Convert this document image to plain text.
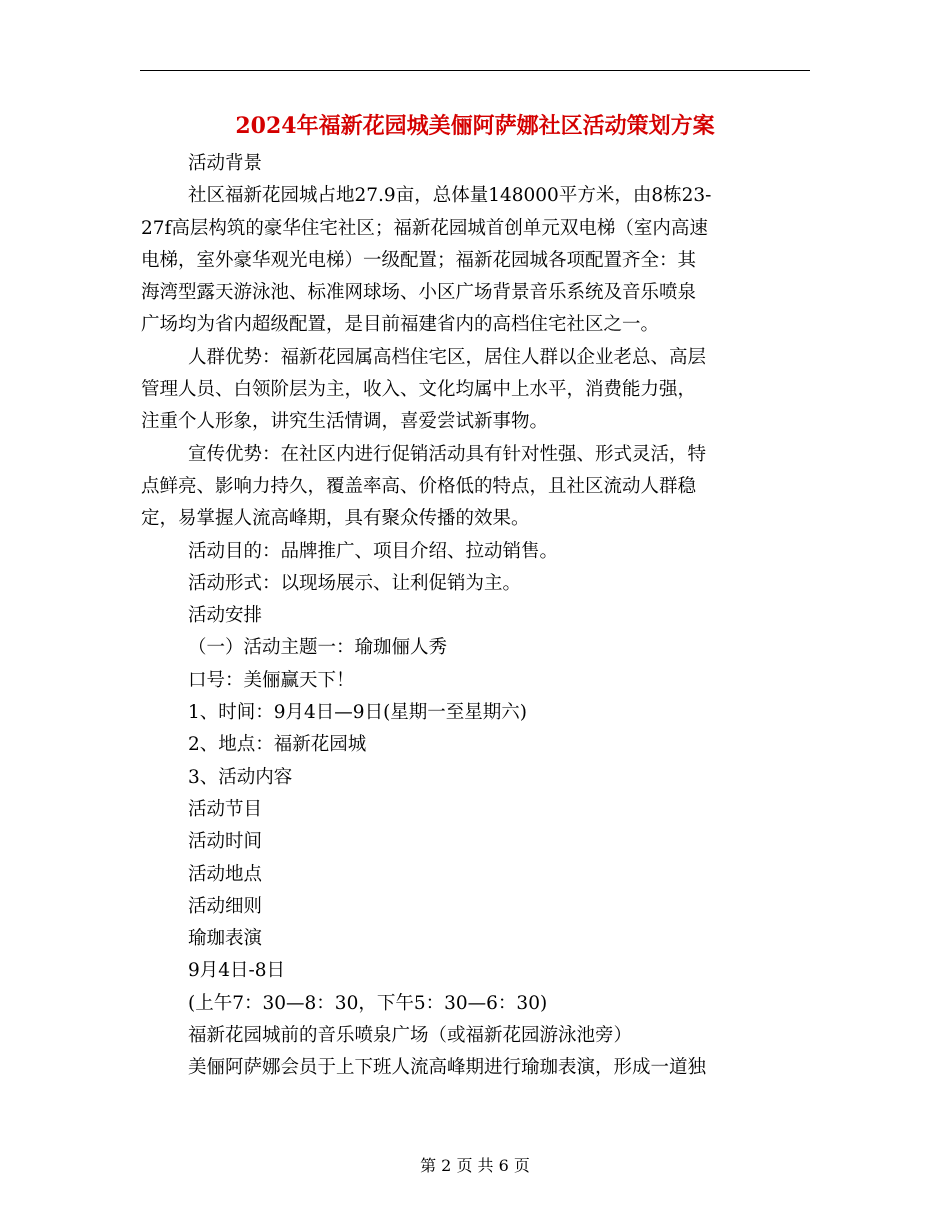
2024年福新花园城美俪阿萨娜社区活动策划方案

活动背景

社区福新花园城占地27.9亩，总体量148000平方米，由8栋23-

27f高层构筑的豪华住宅社区；福新花园城首创单元双电梯（室内高速

电梯，室外豪华观光电梯）一级配置；福新花园城各项配置齐全：其

海湾型露天游泳池、标准网球场、小区广场背景音乐系统及音乐喷泉

广场均为省内超级配置，是目前福建省内的高档住宅社区之一。

人群优势：福新花园属高档住宅区，居住人群以企业老总、高层

管理人员、白领阶层为主，收入、文化均属中上水平，消费能力强，

注重个人形象，讲究生活情调，喜爱尝试新事物。

宣传优势：在社区内进行促销活动具有针对性强、形式灵活，特

点鲜亮、影响力持久，覆盖率高、价格低的特点，且社区流动人群稳

定，易掌握人流高峰期，具有聚众传播的效果。

活动目的：品牌推广、项目介绍、拉动销售。

活动形式：以现场展示、让利促销为主。

活动安排

（一）活动主题一：瑜珈俪人秀

口号：美俪赢天下！

1、时间：9月4日—9日(星期一至星期六)

2、地点：福新花园城

3、活动内容

活动节目

活动时间

活动地点

活动细则

瑜珈表演

9月4日-8日

(上午7：30—8：30，下午5：30—6：30)

福新花园城前的音乐喷泉广场（或福新花园游泳池旁）

美俪阿萨娜会员于上下班人流高峰期进行瑜珈表演，形成一道独

第 2 页 共 6 页
